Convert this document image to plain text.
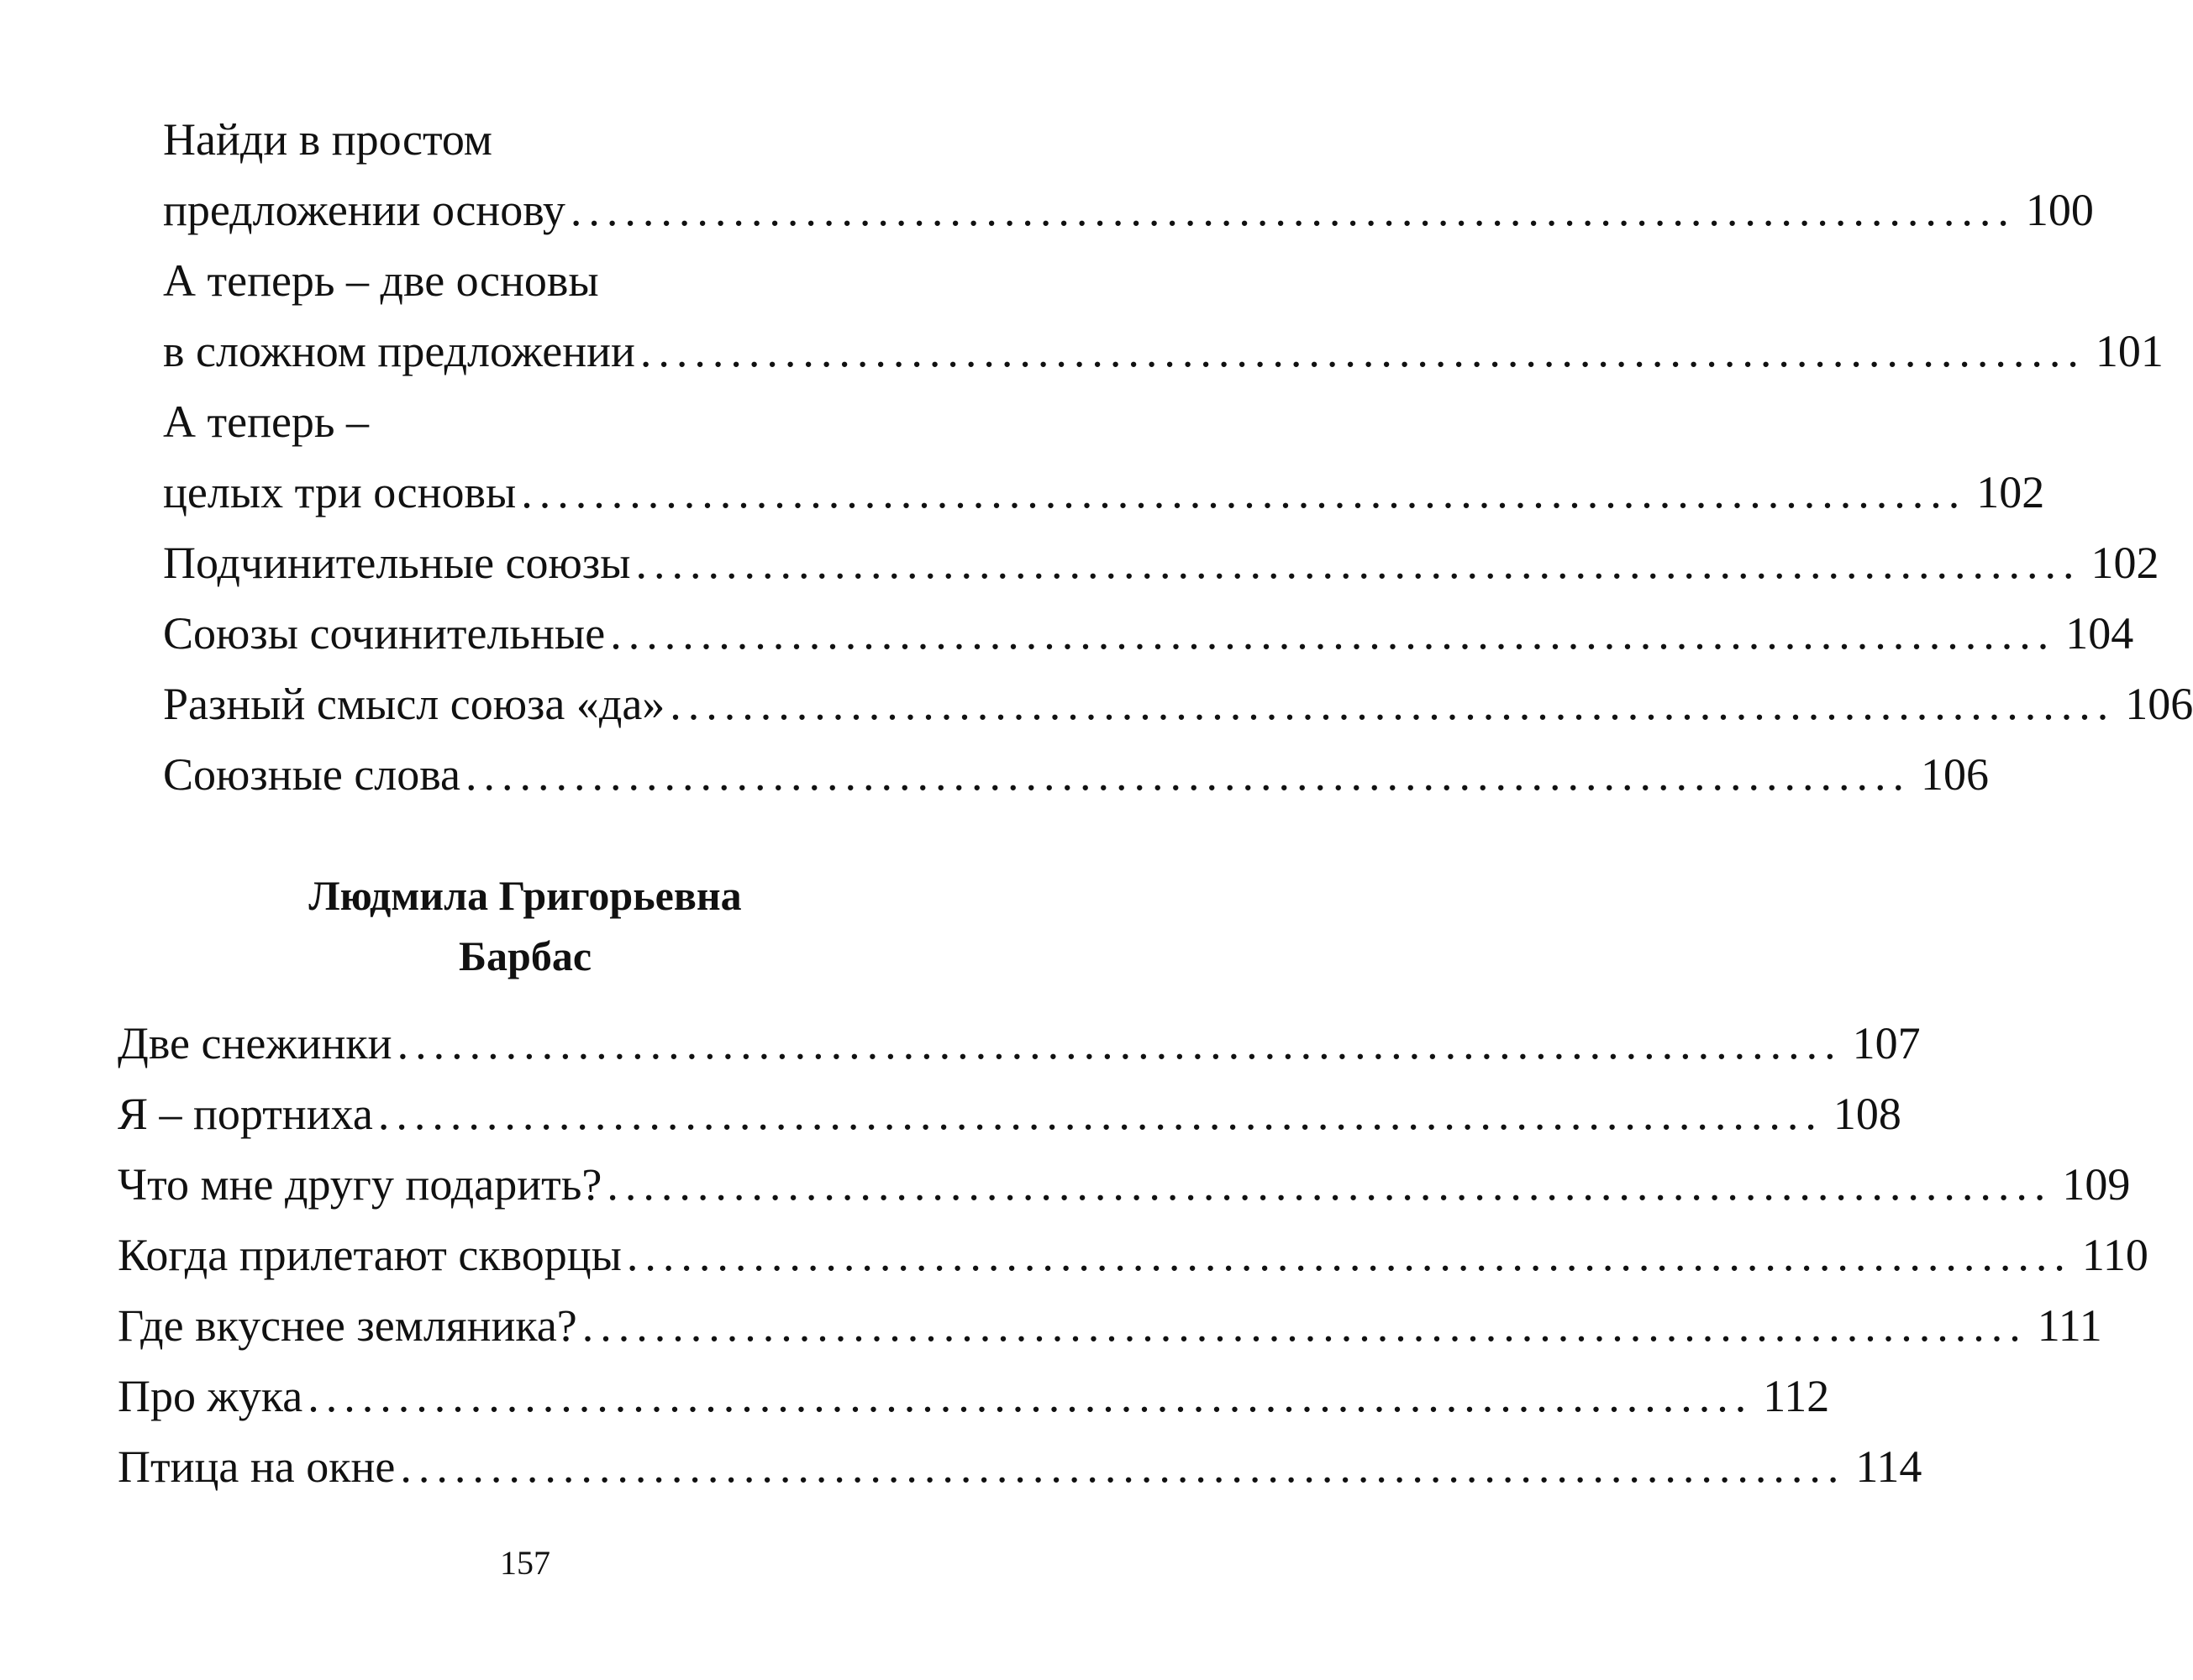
Найди в простом
предложении основу ................................................................................ 100
А теперь – две основы
в сложном предложении ................................................................................ 101
А теперь –
целых три основы ................................................................................ 102
Подчинительные союзы ................................................................................ 102
Союзы сочинительные ................................................................................ 104
Разный смысл союза «да» ................................................................................ 106
Союзные слова ................................................................................ 106
Людмила Григорьевна
Барбас
Две снежинки ................................................................................ 107
Я – портниха ................................................................................ 108
Что мне другу подарить? ................................................................................ 109
Когда прилетают скворцы ................................................................................ 110
Где вкуснее земляника? ................................................................................ 111
Про жука ................................................................................ 112
Птица на окне ................................................................................ 114
157
